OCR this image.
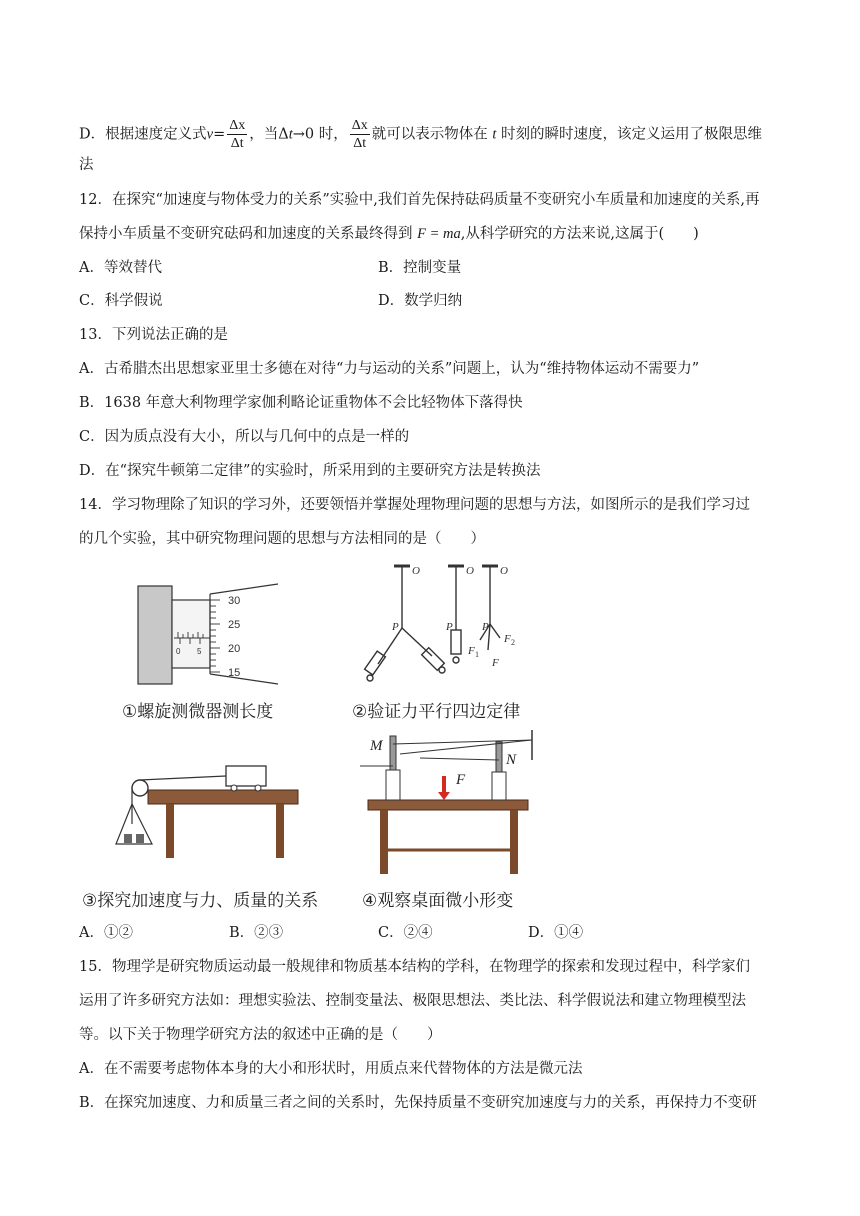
D．根据速度定义式$v= \frac{\Delta x}{\Delta t}$ ，当Δt→0 时， $\frac{\Delta x}{\Delta t}$ 就可以表示物体在 t 时刻的瞬时速度，该定义运用了极限思维
法
12．在探究“加速度与物体受力的关系”实验中,我们首先保持砝码质量不变研究小车质量和加速度的关系,再
保持小车质量不变研究砝码和加速度的关系最终得到 F = ma,从科学研究的方法来说,这属于(　　)
A．等效替代	B．控制变量
C．科学假说	D．数学归纳
13．下列说法正确的是
A．古希腊杰出思想家亚里士多德在对待“力与运动的关系”问题上，认为“维持物体运动不需要力”
B．1638 年意大利物理学家伽利略论证重物体不会比轻物体下落得快
C．因为质点没有大小，所以与几何中的点是一样的
D．在“探究牛顿第二定律”的实验时，所采用到的主要研究方法是转换法
14．学习物理除了知识的学习外，还要领悟并掌握处理物理问题的思想与方法，如图所示的是我们学习过
的几个实验，其中研究物理问题的思想与方法相同的是（　　）
30
25
20
15
0 5
①螺旋测微器测长度
O	O O
P	P	P
F 1
F 2
F
②验证力平行四边定律
③探究加速度与力、质量的关系
M
N
F
④观察桌面微小形变
A．①②	B．②③	C．②④	D．①④
15．物理学是研究物质运动最一般规律和物质基本结构的学科，在物理学的探索和发现过程中，科学家们
运用了许多研究方法如：理想实验法、控制变量法、极限思想法、类比法、科学假说法和建立物理模型法
等。以下关于物理学研究方法的叙述中正确的是（　　）
A．在不需要考虑物体本身的大小和形状时，用质点来代替物体的方法是微元法
B．在探究加速度、力和质量三者之间的关系时，先保持质量不变研究加速度与力的关系，再保持力不变研
